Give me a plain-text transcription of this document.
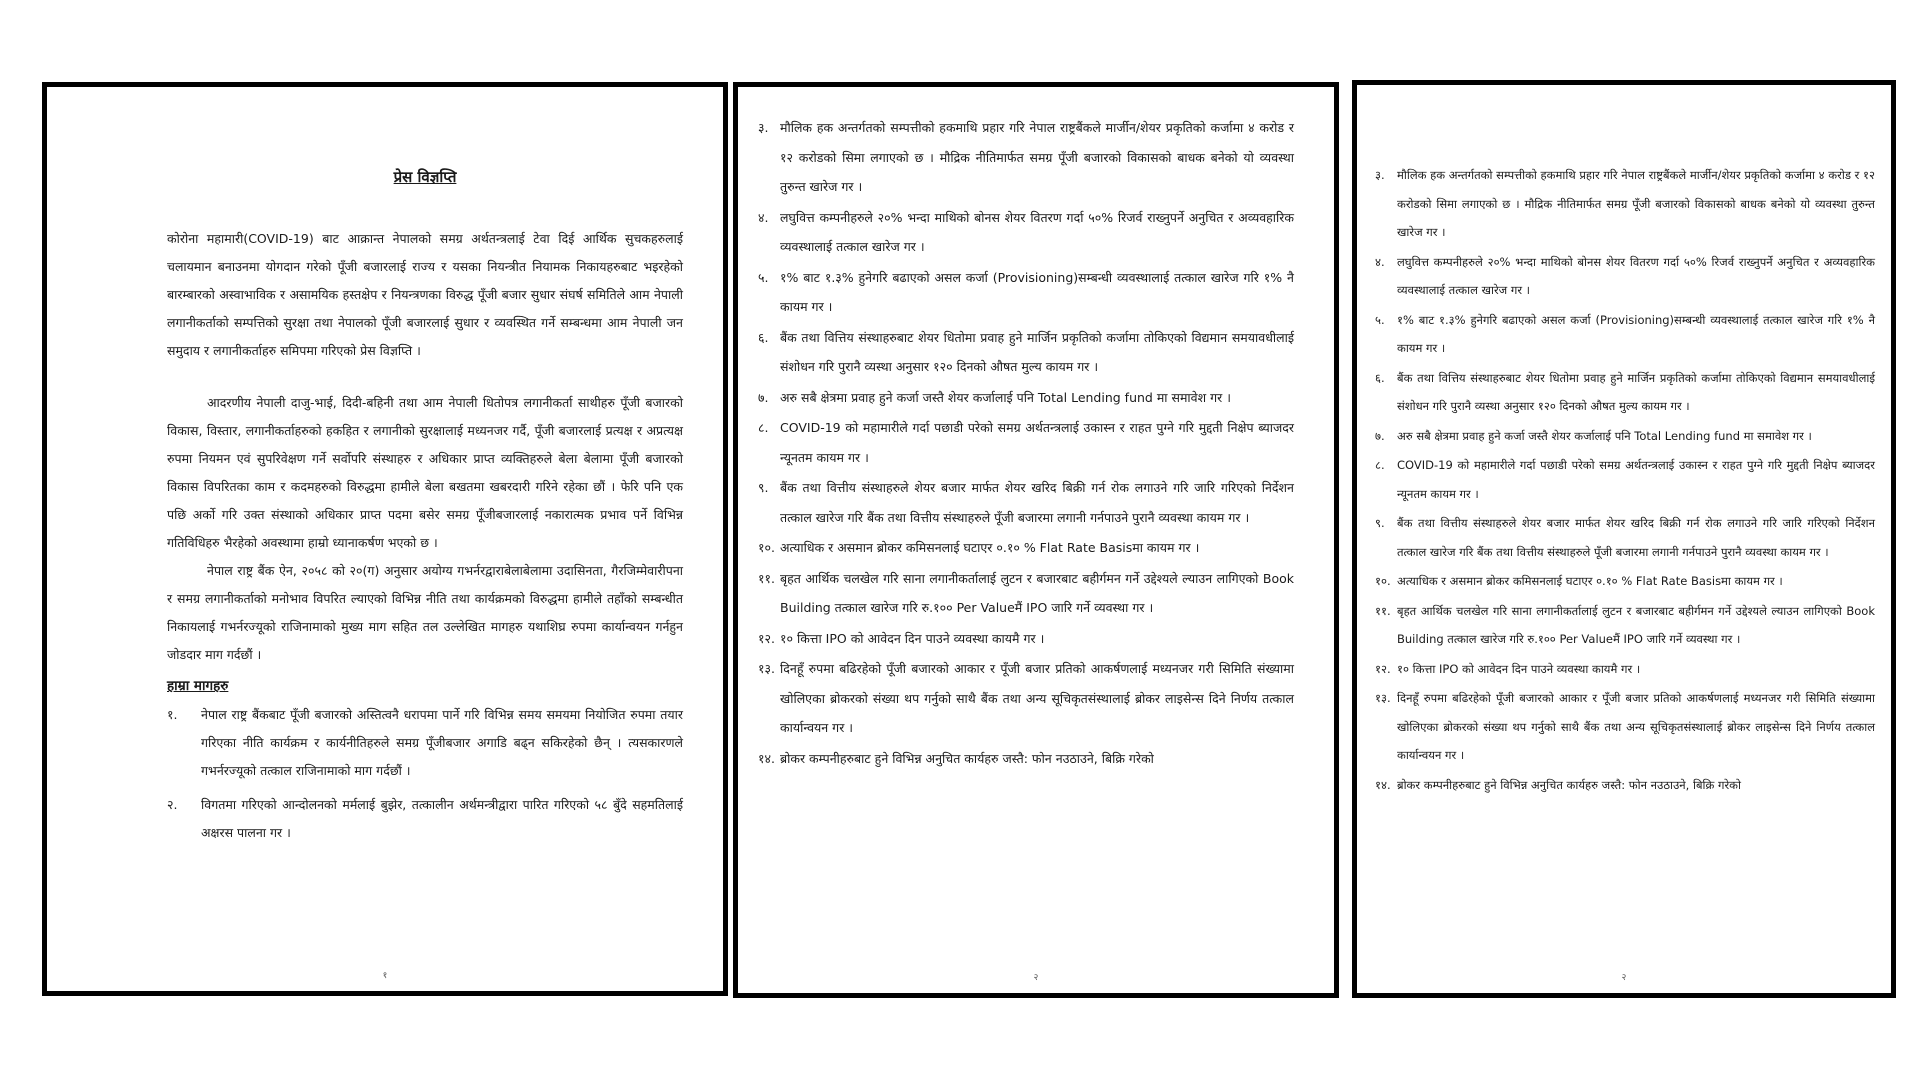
प्रेस विज्ञप्ति

कोरोना महामारी(COVID-19) बाट आक्रान्त नेपालको समग्र अर्थतन्त्रलाई टेवा दिई आर्थिक सुचकहरुलाई चलायमान बनाउनमा योगदान गरेको पूँजी बजारलाई राज्य र यसका नियन्त्रीत नियामक निकायहरुबाट भइरहेको बारम्बारको अस्वाभाविक र असामयिक हस्तक्षेप र नियन्त्रणका विरुद्ध पूँजी बजार सुधार संघर्ष समितिले आम नेपाली लगानीकर्ताको सम्पत्तिको सुरक्षा तथा नेपालको पूँजी बजारलाई सुधार र व्यवस्थित गर्ने सम्बन्धमा आम नेपाली जन समुदाय र लगानीकर्ताहरु समिपमा गरिएको प्रेस विज्ञप्ति ।

आदरणीय नेपाली दाजु-भाई, दिदी-बहिनी तथा आम नेपाली धितोपत्र लगानीकर्ता साथीहरु पूँजी बजारको विकास, विस्तार, लगानीकर्ताहरुको हकहित र लगानीको सुरक्षालाई मध्यनजर गर्दै, पूँजी बजारलाई प्रत्यक्ष र अप्रत्यक्ष रुपमा नियमन एवं सुपरिवेक्षण गर्ने सर्वोपरि संस्थाहरु र अधिकार प्राप्त व्यक्तिहरुले बेला बेलामा पूँजी बजारको विकास विपरितका काम र कदमहरुको विरुद्धमा हामीले बेला बखतमा खबरदारी गरिने रहेका छौं । फेरि पनि एक पछि अर्को गरि उक्त संस्थाको अधिकार प्राप्त पदमा बसेर समग्र पूँजीबजारलाई नकारात्मक प्रभाव पर्ने विभिन्न गतिविधिहरु भैरहेको अवस्थामा हाम्रो ध्यानाकर्षण भएको छ ।

नेपाल राष्ट्र बैंक ऐन, २०५८ को २०(ग) अनुसार अयोग्य गभर्नरद्वाराबेलाबेलामा उदासिनता, गैरजिम्मेवारीपना र समग्र लगानीकर्ताको मनोभाव विपरित ल्याएको विभिन्न नीति तथा कार्यक्रमको विरुद्धमा हामीले तहाँको सम्बन्धीत निकायलाई गभर्नरज्यूको राजिनामाको मुख्य माग सहित तल उल्लेखित मागहरु यथाशिघ्र रुपमा कार्यान्वयन गर्नहुन जोडदार माग गर्दछौं ।

हाम्रा मागहरु
१.	नेपाल राष्ट्र बैंकबाट पूँजी बजारको अस्तित्वनै धरापमा पार्ने गरि विभिन्न समय समयमा नियोजित रुपमा तयार गरिएका नीति कार्यक्रम र कार्यनीतिहरुले समग्र पूँजीबजार अगाडि बढ्न सकिरहेको छैन् । त्यसकारणले गभर्नरज्यूको तत्काल राजिनामाको माग गर्दछौं ।
२.	विगतमा गरिएको आन्दोलनको मर्मलाई बुझेर, तत्कालीन अर्थमन्त्रीद्वारा पारित गरिएको ५८ बुँदे सहमतिलाई अक्षरस पालना गर ।
१
३. मौलिक हक अन्तर्गतको सम्पत्तीको हकमाथि प्रहार गरि नेपाल राष्ट्रबैंकले मार्जीन/शेयर प्रकृतिको कर्जामा ४ करोड र १२ करोडको सिमा लगाएको छ । मौद्रिक नीतिमार्फत समग्र पूँजी बजारको विकासको बाधक बनेको यो व्यवस्था तुरुन्त खारेज गर ।
४. लघुवित्त कम्पनीहरुले २०% भन्दा माथिको बोनस शेयर वितरण गर्दा ५०% रिजर्व राख्नुपर्ने अनुचित र अव्यवहारिक व्यवस्थालाई तत्काल खारेज गर ।
५. १% बाट १.३% हुनेगरि बढाएको असल कर्जा (Provisioning)सम्बन्धी व्यवस्थालाई तत्काल खारेज गरि १% नै कायम गर ।
६. बैंक तथा वित्तिय संस्थाहरुबाट शेयर धितोमा प्रवाह हुने मार्जिन प्रकृतिको कर्जामा तोकिएको विद्यमान समयावधीलाई संशोधन गरि पुरानै व्यस्था अनुसार १२० दिनको औषत मुल्य कायम गर ।
७. अरु सबै क्षेत्रमा प्रवाह हुने कर्जा जस्तै शेयर कर्जालाई पनि Total Lending fund मा समावेश गर ।
८. COVID-19 को महामारीले गर्दा पछाडी परेको समग्र अर्थतन्त्रलाई उकास्न र राहत पुग्ने गरि मुद्दती निक्षेप ब्याजदर न्यूनतम कायम गर ।
९. बैंक तथा वित्तीय संस्थाहरुले शेयर बजार मार्फत शेयर खरिद बिक्री गर्न रोक लगाउने गरि जारि गरिएको निर्देशन तत्काल खारेज गरि बैंक तथा वित्तीय संस्थाहरुले पूँजी बजारमा लगानी गर्नपाउने पुरानै व्यवस्था कायम गर ।
१०. अत्याधिक र असमान ब्रोकर कमिसनलाई घटाएर ०.१० % Flat Rate Basisमा कायम गर ।
११. बृहत आर्थिक चलखेल गरि साना लगानीकर्तालाई लुटन र बजारबाट बहीर्गमन गर्ने उद्देश्यले ल्याउन लागिएको Book Building तत्काल खारेज गरि रु.१०० Per Valueमैं IPO जारि गर्ने व्यवस्था गर ।
१२. १० कित्ता IPO को आवेदन दिन पाउने व्यवस्था कायमै गर ।
१३. दिनहूँ रुपमा बढिरहेको पूँजी बजारको आकार र पूँजी बजार प्रतिको आकर्षणलाई मध्यनजर गरी सिमिति संख्यामा खोलिएका ब्रोकरको संख्या थप गर्नुको साथै बैंक तथा अन्य सूचिकृतसंस्थालाई ब्रोकर लाइसेन्स दिने निर्णय तत्काल कार्यान्वयन गर ।
१४. ब्रोकर कम्पनीहरुबाट हुने विभिन्न अनुचित कार्यहरु जस्तै: फोन नउठाउने, बिक्रि गरेको
२
३.	मौलिक हक अन्तर्गतको सम्पत्तीको हकमाथि प्रहार गरि नेपाल राष्ट्रबैंकले मार्जीन/शेयर प्रकृतिको कर्जामा ४ करोड र १२ करोडको सिमा लगाएको छ । मौद्रिक नीतिमार्फत समग्र पूँजी बजारको विकासको बाधक बनेको यो व्यवस्था तुरुन्त खारेज गर ।
४.	लघुवित्त कम्पनीहरुले २०% भन्दा माथिको बोनस शेयर वितरण गर्दा ५०% रिजर्व राख्नुपर्ने अनुचित र अव्यवहारिक व्यवस्थालाई तत्काल खारेज गर ।
५.	१% बाट १.३% हुनेगरि बढाएको असल कर्जा (Provisioning)सम्बन्धी व्यवस्थालाई तत्काल खारेज गरि १% नै कायम गर ।
६.	बैंक तथा वित्तिय संस्थाहरुबाट शेयर धितोमा प्रवाह हुने मार्जिन प्रकृतिको कर्जामा तोकिएको विद्यमान समयावधीलाई संशोधन गरि पुरानै व्यस्था अनुसार १२० दिनको औषत मुल्य कायम गर ।
७.	अरु सबै क्षेत्रमा प्रवाह हुने कर्जा जस्तै शेयर कर्जालाई पनि Total Lending fund मा समावेश गर ।
८.	COVID-19 को महामारीले गर्दा पछाडी परेको समग्र अर्थतन्त्रलाई उकास्न र राहत पुग्ने गरि मुद्दती निक्षेप ब्याजदर न्यूनतम कायम गर ।
९.	बैंक तथा वित्तीय संस्थाहरुले शेयर बजार मार्फत शेयर खरिद बिक्री गर्न रोक लगाउने गरि जारि गरिएको निर्देशन तत्काल खारेज गरि बैंक तथा वित्तीय संस्थाहरुले पूँजी बजारमा लगानी गर्नपाउने पुरानै व्यवस्था कायम गर ।
१०. अत्याधिक र असमान ब्रोकर कमिसनलाई घटाएर ०.१० % Flat Rate Basisमा कायम गर ।
११. बृहत आर्थिक चलखेल गरि साना लगानीकर्तालाई लुटन र बजारबाट बहीर्गमन गर्ने उद्देश्यले ल्याउन लागिएको Book Building तत्काल खारेज गरि रु.१०० Per Valueमैं IPO जारि गर्ने व्यवस्था गर ।
१२. १० कित्ता IPO को आवेदन दिन पाउने व्यवस्था कायमै गर ।
१३. दिनहूँ रुपमा बढिरहेको पूँजी बजारको आकार र पूँजी बजार प्रतिको आकर्षणलाई मध्यनजर गरी सिमिति संख्यामा खोलिएका ब्रोकरको संख्या थप गर्नुको साथै बैंक तथा अन्य सूचिकृतसंस्थालाई ब्रोकर लाइसेन्स दिने निर्णय तत्काल कार्यान्वयन गर ।
१४. ब्रोकर कम्पनीहरुबाट हुने विभिन्न अनुचित कार्यहरु जस्तै: फोन नउठाउने, बिक्रि गरेको
२
